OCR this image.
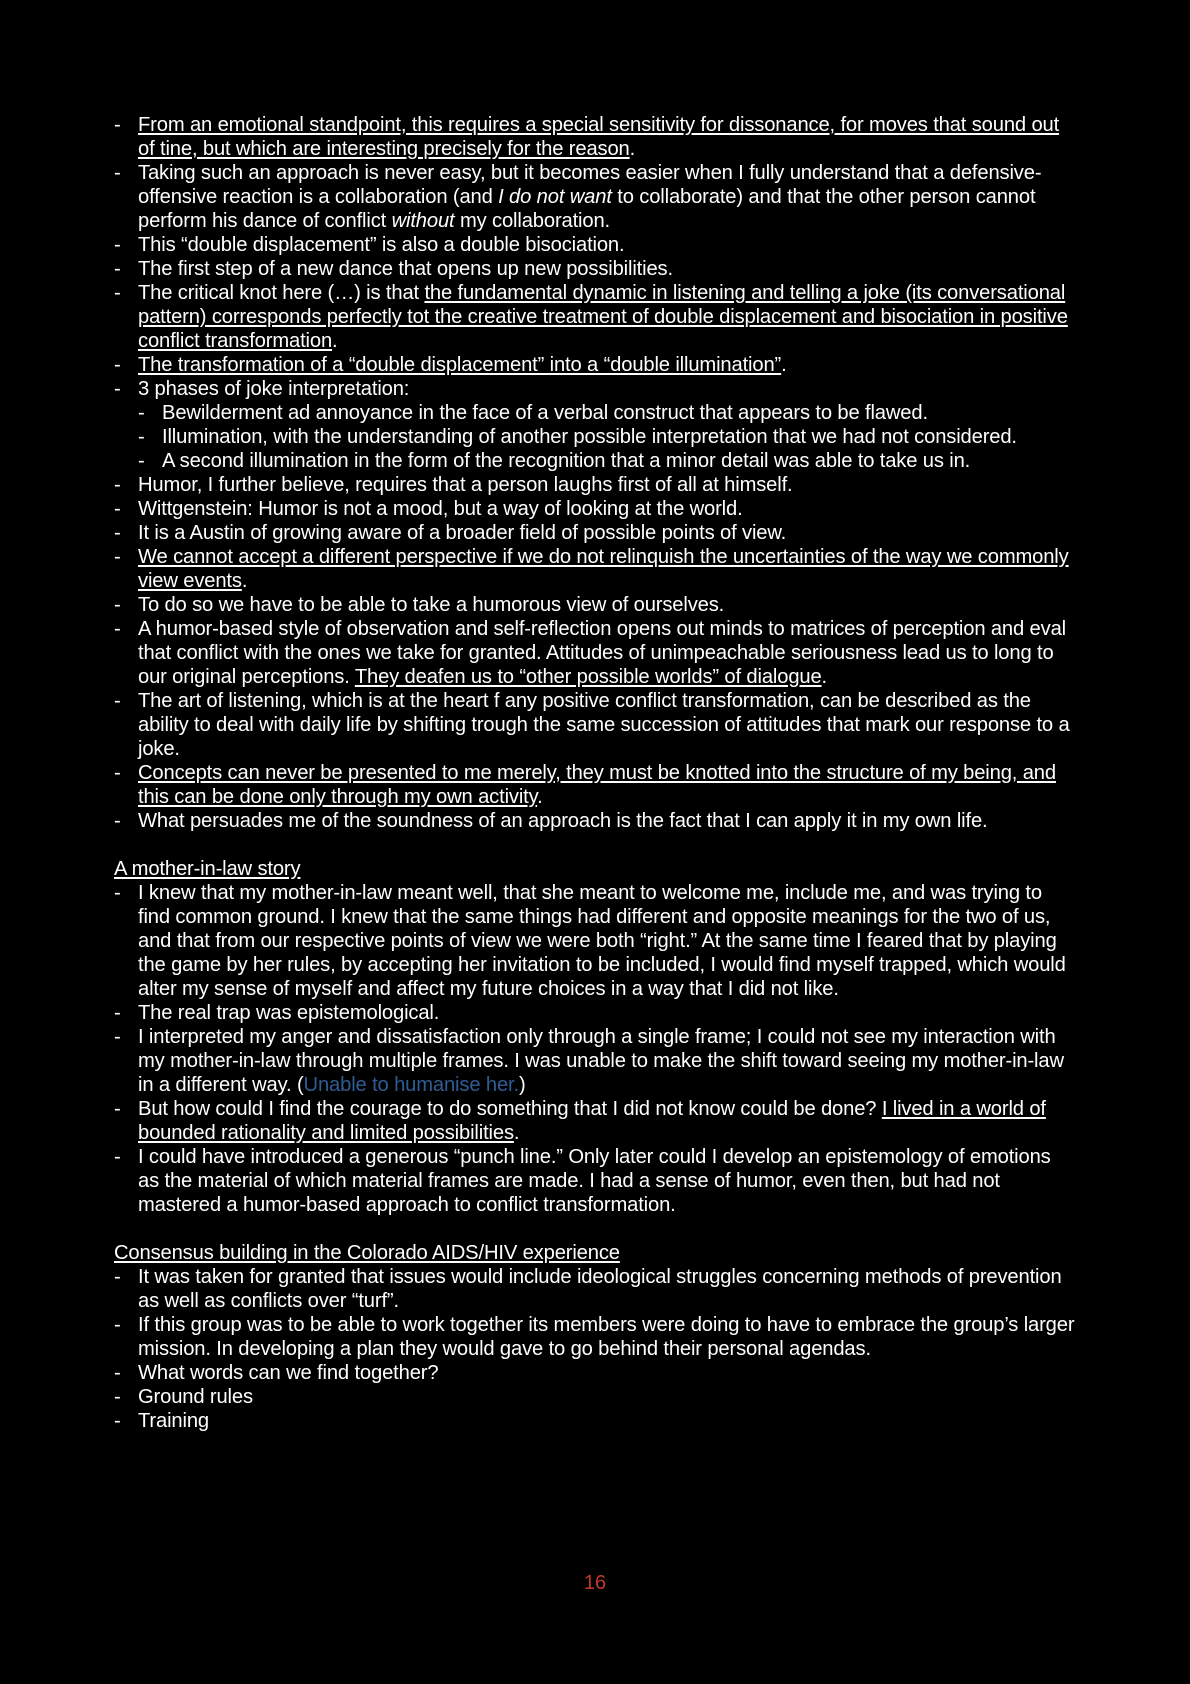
- From an emotional standpoint, this requires a special sensitivity for dissonance, for moves that sound out of tine, but which are interesting precisely for the reason.
- Taking such an approach is never easy, but it becomes easier when I fully understand that a defensive-offensive reaction is a collaboration (and I do not want to collaborate) and that the other person cannot perform his dance of conflict without my collaboration.
- This “double displacement” is also a double bisociation.
- The first step of a new dance that opens up new possibilities.
- The critical knot here (…) is that the fundamental dynamic in listening and telling a joke (its conversational pattern) corresponds perfectly tot the creative treatment of double displacement and bisociation in positive conflict transformation.
- The transformation of a “double displacement” into a “double illumination”.
- 3 phases of joke interpretation:
- Bewilderment ad annoyance in the face of a verbal construct that appears to be flawed.
- Illumination, with the understanding of another possible interpretation that we had not considered.
- A second illumination in the form of the recognition that a minor detail was able to take us in.
- Humor, I further believe, requires that a person laughs first of all at himself.
- Wittgenstein: Humor is not a mood, but a way of looking at the world.
- It is a Austin of growing aware of a broader field of possible points of view.
- We cannot accept a different perspective if we do not relinquish the uncertainties of the way we commonly view events.
- To do so we have to be able to take a humorous view of ourselves.
- A humor-based style of observation and self-reflection opens out minds to matrices of perception and eval that conflict with the ones we take for granted. Attitudes of unimpeachable seriousness lead us to long to our original perceptions. They deafen us to “other possible worlds” of dialogue.
- The art of listening, which is at the heart f any positive conflict transformation, can be described as the ability to deal with daily life by shifting trough the same succession of attitudes that mark our response to a joke.
- Concepts can never be presented to me merely, they must be knotted into the structure of my being, and this can be done only through my own activity.
- What persuades me of the soundness of an approach is the fact that I can apply it in my own life.
A mother-in-law story
- I knew that my mother-in-law meant well, that she meant to welcome me, include me, and was trying to find common ground. I knew that the same things had different and opposite meanings for the two of us, and that from our respective points of view we were both “right.” At the same time I feared that by playing the game by her rules, by accepting her invitation to be included, I would find myself trapped, which would alter my sense of myself and affect my future choices in a way that I did not like.
- The real trap was epistemological.
- I interpreted my anger and dissatisfaction only through a single frame; I could not see my interaction with my mother-in-law through multiple frames. I was unable to make the shift toward seeing my mother-in-law in a different way. (Unable to humanise her.)
- But how could I find the courage to do something that I did not know could be done? I lived in a world of bounded rationality and limited possibilities.
- I could have introduced a generous “punch line.” Only later could I develop an epistemology of emotions as the material of which material frames are made. I had a sense of humor, even then, but had not mastered a humor-based approach to conflict transformation.
Consensus building in the Colorado AIDS/HIV experience
- It was taken for granted that issues would include ideological struggles concerning methods of prevention as well as conflicts over “turf”.
- If this group was to be able to work together its members were doing to have to embrace the group’s larger mission. In developing a plan they would gave to go behind their personal agendas.
- What words can we find together?
- Ground rules
- Training
16
